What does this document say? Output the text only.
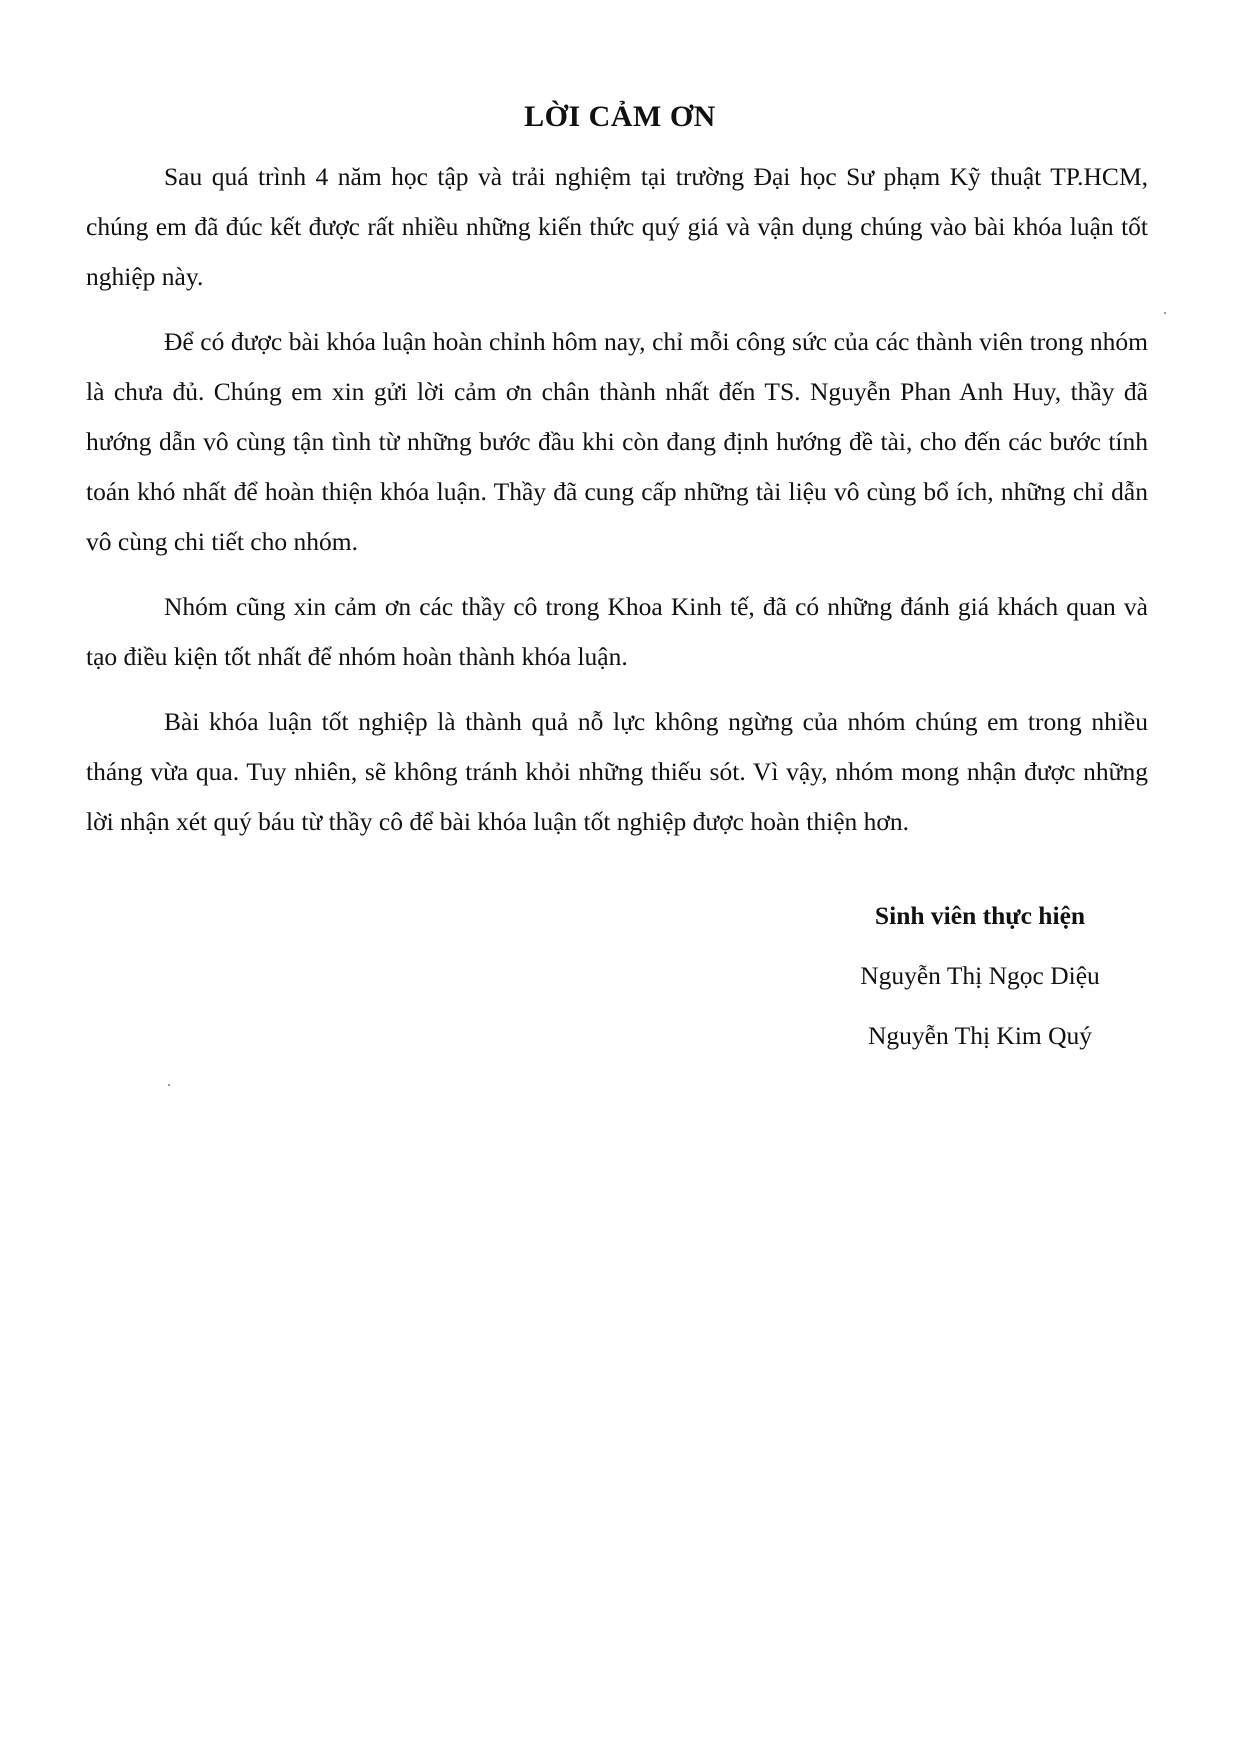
LỜI CẢM ƠN

Sau quá trình 4 năm học tập và trải nghiệm tại trường Đại học Sư phạm Kỹ thuật TP.HCM, chúng em đã đúc kết được rất nhiều những kiến thức quý giá và vận dụng chúng vào bài khóa luận tốt nghiệp này.

Để có được bài khóa luận hoàn chỉnh hôm nay, chỉ mỗi công sức của các thành viên trong nhóm là chưa đủ. Chúng em xin gửi lời cảm ơn chân thành nhất đến TS. Nguyễn Phan Anh Huy, thầy đã hướng dẫn vô cùng tận tình từ những bước đầu khi còn đang định hướng đề tài, cho đến các bước tính toán khó nhất để hoàn thiện khóa luận. Thầy đã cung cấp những tài liệu vô cùng bổ ích, những chỉ dẫn vô cùng chi tiết cho nhóm.

Nhóm cũng xin cảm ơn các thầy cô trong Khoa Kinh tế, đã có những đánh giá khách quan và tạo điều kiện tốt nhất để nhóm hoàn thành khóa luận.

Bài khóa luận tốt nghiệp là thành quả nỗ lực không ngừng của nhóm chúng em trong nhiều tháng vừa qua. Tuy nhiên, sẽ không tránh khỏi những thiếu sót. Vì vậy, nhóm mong nhận được những lời nhận xét quý báu từ thầy cô để bài khóa luận tốt nghiệp được hoàn thiện hơn.

Sinh viên thực hiện

Nguyễn Thị Ngọc Diệu

Nguyễn Thị Kim Quý
